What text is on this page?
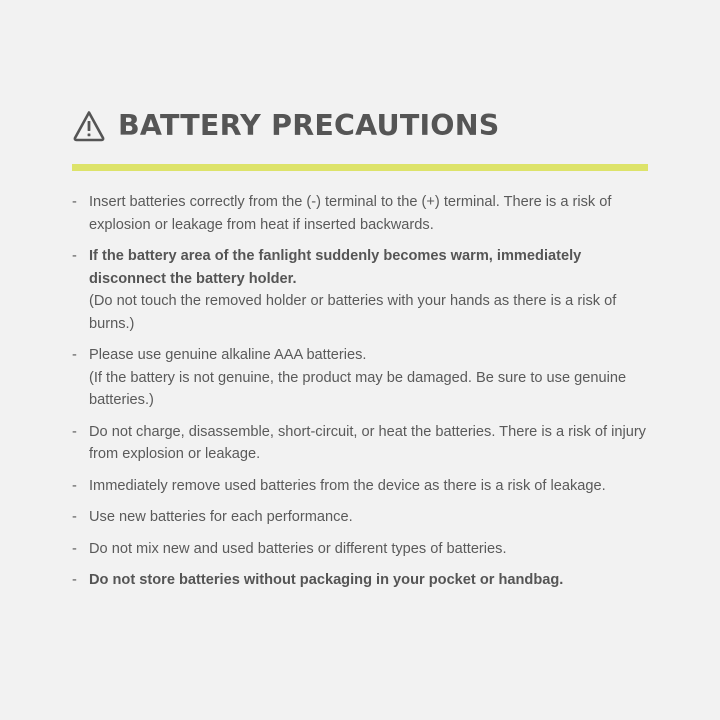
BATTERY PRECAUTIONS
- Insert batteries correctly from the (-) terminal to the (+) terminal. There is a risk of explosion or leakage from heat if inserted backwards.
- If the battery area of the fanlight suddenly becomes warm, immediately disconnect the battery holder.
(Do not touch the removed holder or batteries with your hands as there is a risk of burns.)
- Please use genuine alkaline AAA batteries.
(If the battery is not genuine, the product may be damaged. Be sure to use genuine batteries.)
- Do not charge, disassemble, short-circuit, or heat the batteries. There is a risk of injury from explosion or leakage.
- Immediately remove used batteries from the device as there is a risk of leakage.
- Use new batteries for each performance.
- Do not mix new and used batteries or different types of batteries.
- Do not store batteries without packaging in your pocket or handbag.
